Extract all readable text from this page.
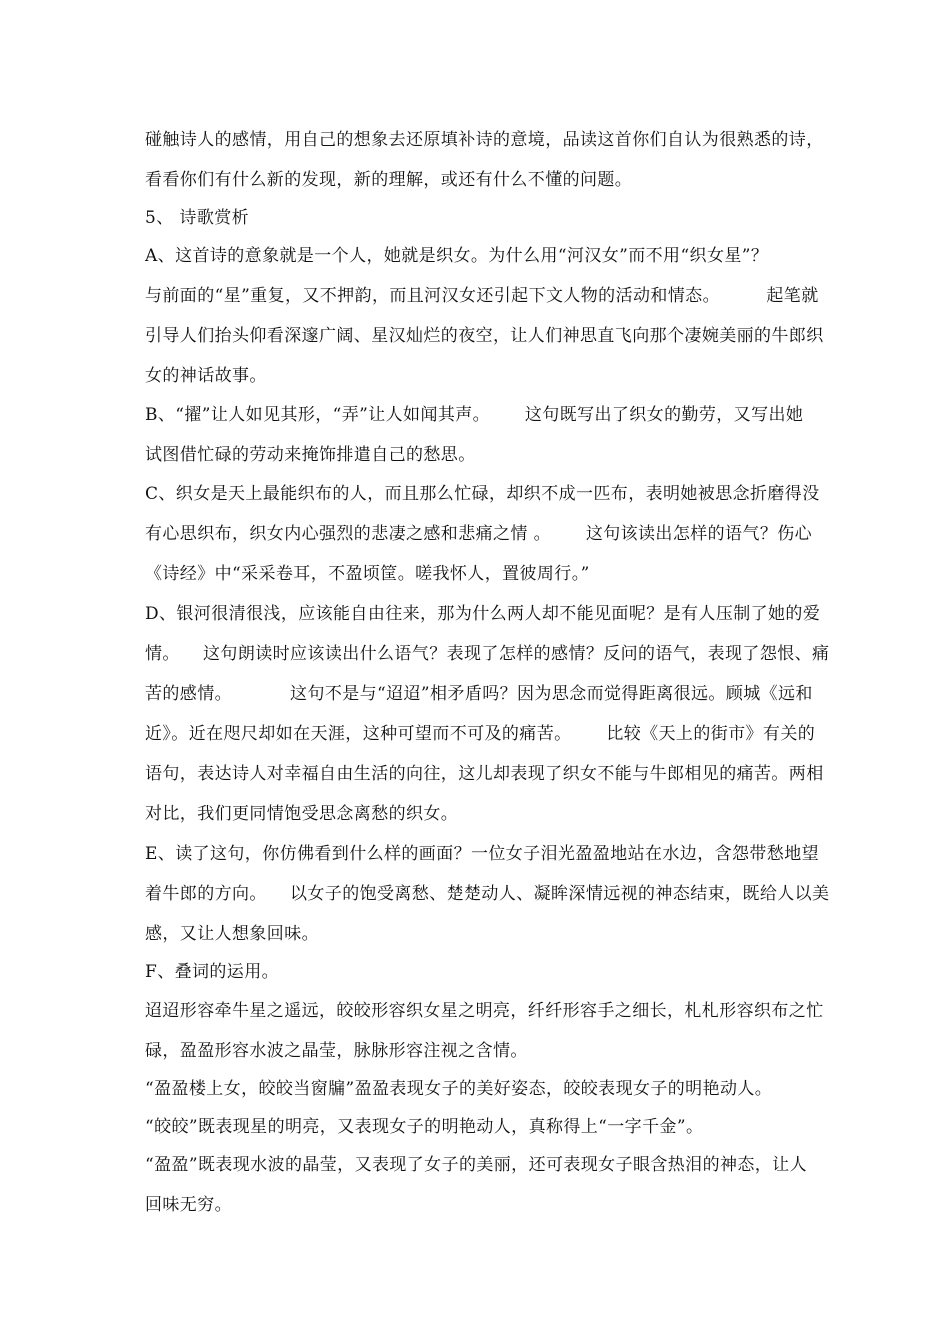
碰触诗人的感情，用自己的想象去还原填补诗的意境，品读这首你们自认为很熟悉的诗，
看看你们有什么新的发现，新的理解，或还有什么不懂的问题。
5、 诗歌赏析
A、这首诗的意象就是一个人，她就是织女。为什么用“河汉女”而不用“织女星”？
与前面的“星”重复，又不押韵，而且河汉女还引起下文人物的活动和情态。        起笔就
引导人们抬头仰看深邃广阔、星汉灿烂的夜空，让人们神思直飞向那个凄婉美丽的牛郎织
女的神话故事。
B、“擢”让人如见其形，“弄”让人如闻其声。      这句既写出了织女的勤劳，又写出她
试图借忙碌的劳动来掩饰排遣自己的愁思。
C、织女是天上最能织布的人，而且那么忙碌，却织不成一匹布，表明她被思念折磨得没
有心思织布，织女内心强烈的悲凄之感和悲痛之情 。      这句该读出怎样的语气？伤心
《诗经》中“采采卷耳，不盈顷筐。嗟我怀人，置彼周行。”
D、银河很清很浅，应该能自由往来，那为什么两人却不能见面呢？是有人压制了她的爱
情。    这句朗读时应该读出什么语气？表现了怎样的感情？反问的语气，表现了怨恨、痛
苦的感情。          这句不是与“迢迢”相矛盾吗？因为思念而觉得距离很远。顾城《远和
近》。近在咫尺却如在天涯，这种可望而不可及的痛苦。      比较《天上的街市》有关的
语句，表达诗人对幸福自由生活的向往，这儿却表现了织女不能与牛郎相见的痛苦。两相
对比，我们更同情饱受思念离愁的织女。
E、读了这句，你仿佛看到什么样的画面？一位女子泪光盈盈地站在水边，含怨带愁地望
着牛郎的方向。    以女子的饱受离愁、楚楚动人、凝眸深情远视的神态结束，既给人以美
感，又让人想象回味。
F、叠词的运用。
迢迢形容牵牛星之遥远，皎皎形容织女星之明亮，纤纤形容手之细长，札札形容织布之忙
碌，盈盈形容水波之晶莹，脉脉形容注视之含情。
“盈盈楼上女，皎皎当窗牖”盈盈表现女子的美好姿态，皎皎表现女子的明艳动人。
“皎皎”既表现星的明亮，又表现女子的明艳动人，真称得上“一字千金”。
“盈盈”既表现水波的晶莹，又表现了女子的美丽，还可表现女子眼含热泪的神态，让人
回味无穷。
